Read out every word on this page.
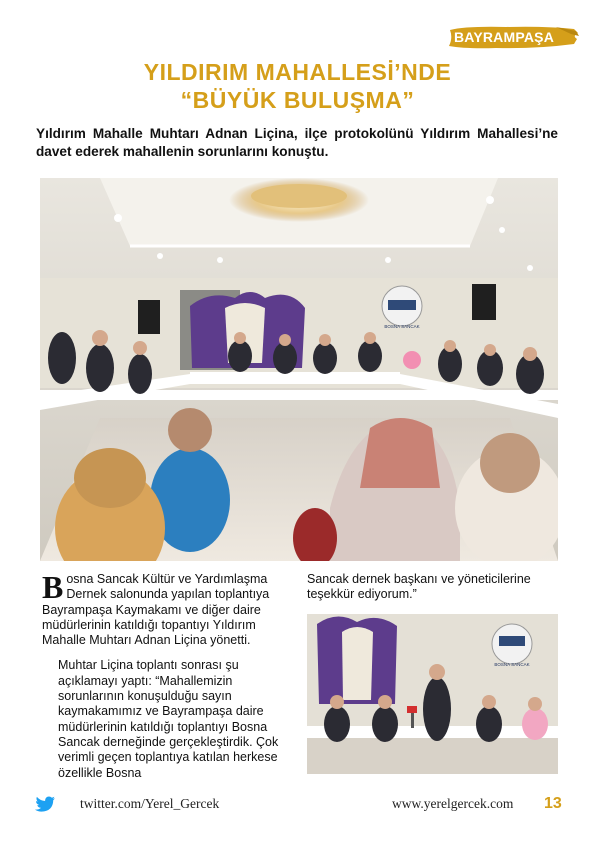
BAYRAMPAŞA
YILDIRIM MAHALLESİ’NDE
“BÜYÜK BULUŞMA”
Yıldırım Mahalle Muhtarı Adnan Liçina, ilçe protokolünü Yıldırım Mahallesi’ne davet ederek mahallenin sorunlarını konuştu.
BOSNA SANCAK

Bosna Sancak Kültür ve Yardımlaşma Dernek salonunda yapılan toplantıya Bayrampaşa Kaymakamı ve diğer daire müdürlerinin katıldığı topantıyı Yıldırım Mahalle Muhtarı Adnan Liçina yönetti.

Muhtar Liçina toplantı sonrası şu açıklamayı yaptı: “Mahallemizin sorunlarının konuşulduğu sayın kaymakamımız ve Bayrampaşa daire müdürlerinin katıldığı toplantıyı Bosna Sancak derneğinde gerçekleştirdik. Çok verimli geçen toplantıya katılan herkese özellikle Bosna

Sancak dernek başkanı ve yöneticilerine teşekkür ediyorum.”

BOSNA SANCAK
twitter.com/Yerel_Gercek	www.yerelgercek.com 13
